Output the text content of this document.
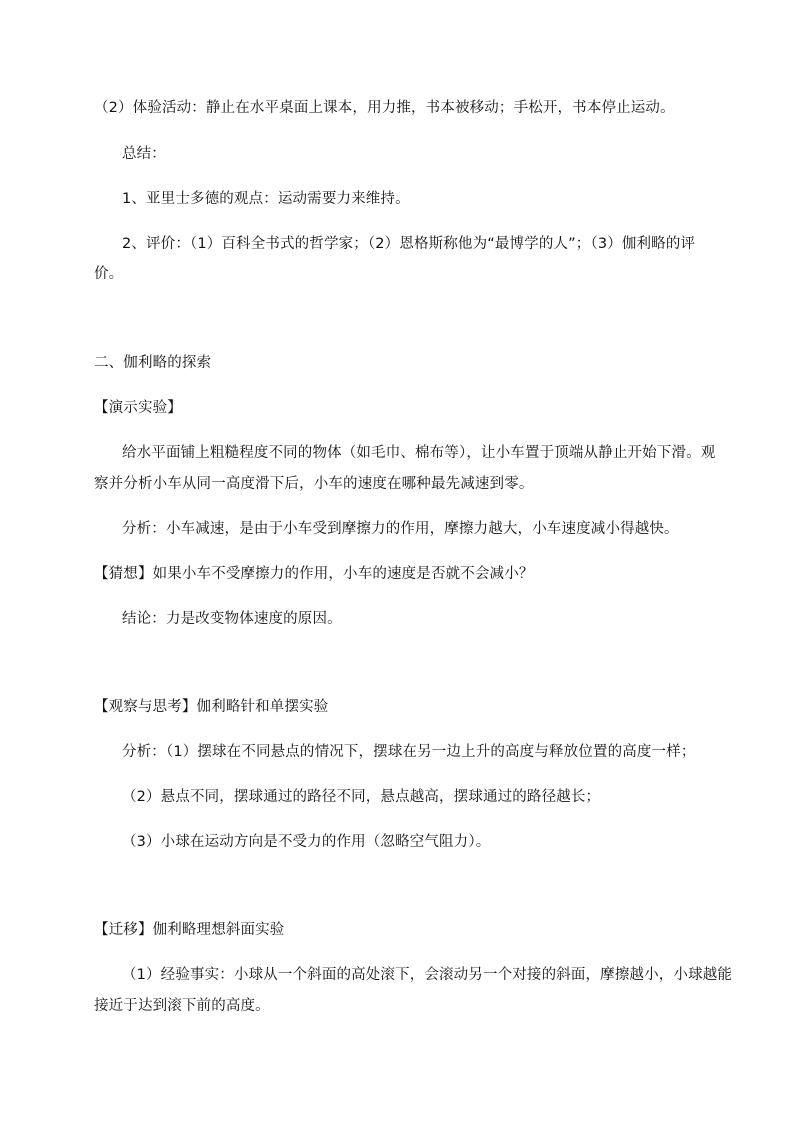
（2）体验活动：静止在水平桌面上课本，用力推，书本被移动；手松开，书本停止运动。
总结：
1、亚里士多德的观点：运动需要力来维持。
2、评价：（1）百科全书式的哲学家；（2）恩格斯称他为“最博学的人”；（3）伽利略的评
价。
二、伽利略的探索
【演示实验】
给水平面铺上粗糙程度不同的物体（如毛巾、棉布等），让小车置于顶端从静止开始下滑。观
察并分析小车从同一高度滑下后，小车的速度在哪种最先减速到零。
分析：小车减速，是由于小车受到摩擦力的作用，摩擦力越大，小车速度减小得越快。
【猜想】如果小车不受摩擦力的作用，小车的速度是否就不会减小？
结论：力是改变物体速度的原因。
【观察与思考】伽利略针和单摆实验
分析：（1）摆球在不同悬点的情况下，摆球在另一边上升的高度与释放位置的高度一样；
（2）悬点不同，摆球通过的路径不同，悬点越高，摆球通过的路径越长；
（3）小球在运动方向是不受力的作用（忽略空气阻力）。
【迁移】伽利略理想斜面实验
（1）经验事实：小球从一个斜面的高处滚下，会滚动另一个对接的斜面，摩擦越小，小球越能
接近于达到滚下前的高度。
